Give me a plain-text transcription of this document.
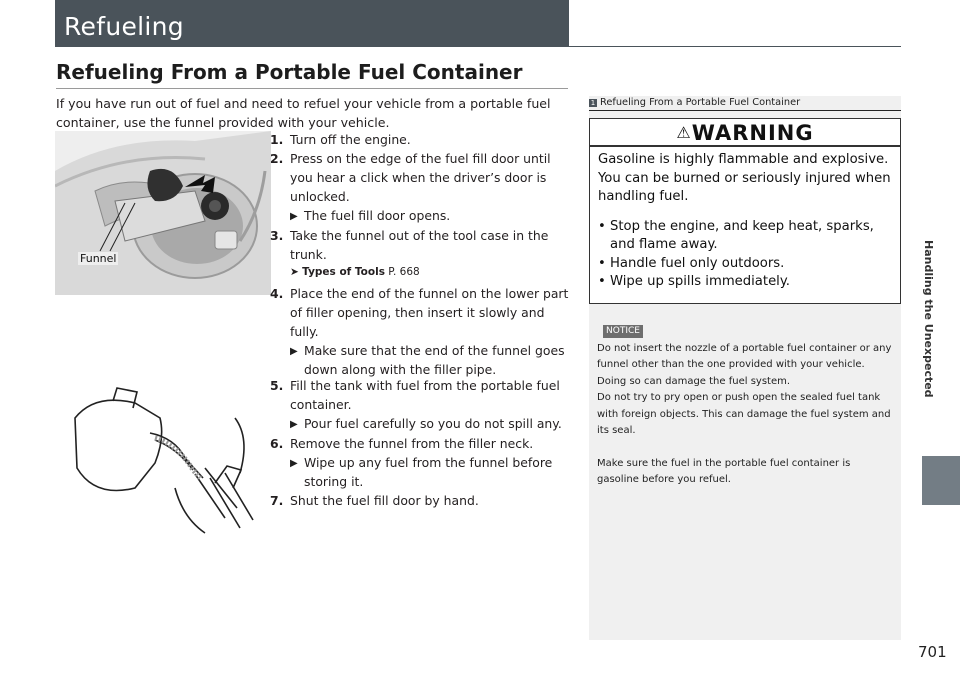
Refueling
Refueling From a Portable Fuel Container
If you have run out of fuel and need to refuel your vehicle from a portable fuel container, use the funnel provided with your vehicle.
Funnel
1. Turn off the engine.
2. Press on the edge of the fuel fill door until you hear a click when the driver’s door is unlocked.
▶ The fuel fill door opens.
3. Take the funnel out of the tool case in the trunk.
➤ Types of Tools P. 668
4. Place the end of the funnel on the lower part of filler opening, then insert it slowly and fully.
▶ Make sure that the end of the funnel goes down along with the filler pipe.
5. Fill the tank with fuel from the portable fuel container.
▶ Pour fuel carefully so you do not spill any.
6. Remove the funnel from the filler neck.
▶ Wipe up any fuel from the funnel before storing it.
7. Shut the fuel fill door by hand.
1 Refueling From a Portable Fuel Container
⚠WARNING
Gasoline is highly flammable and explosive. You can be burned or seriously injured when handling fuel.
• Stop the engine, and keep heat, sparks, and flame away.
• Handle fuel only outdoors.
• Wipe up spills immediately.
NOTICE
Do not insert the nozzle of a portable fuel container or any funnel other than the one provided with your vehicle. Doing so can damage the fuel system.
Do not try to pry open or push open the sealed fuel tank with foreign objects. This can damage the fuel system and its seal.
Make sure the fuel in the portable fuel container is gasoline before you refuel.
Handling the Unexpected
701
